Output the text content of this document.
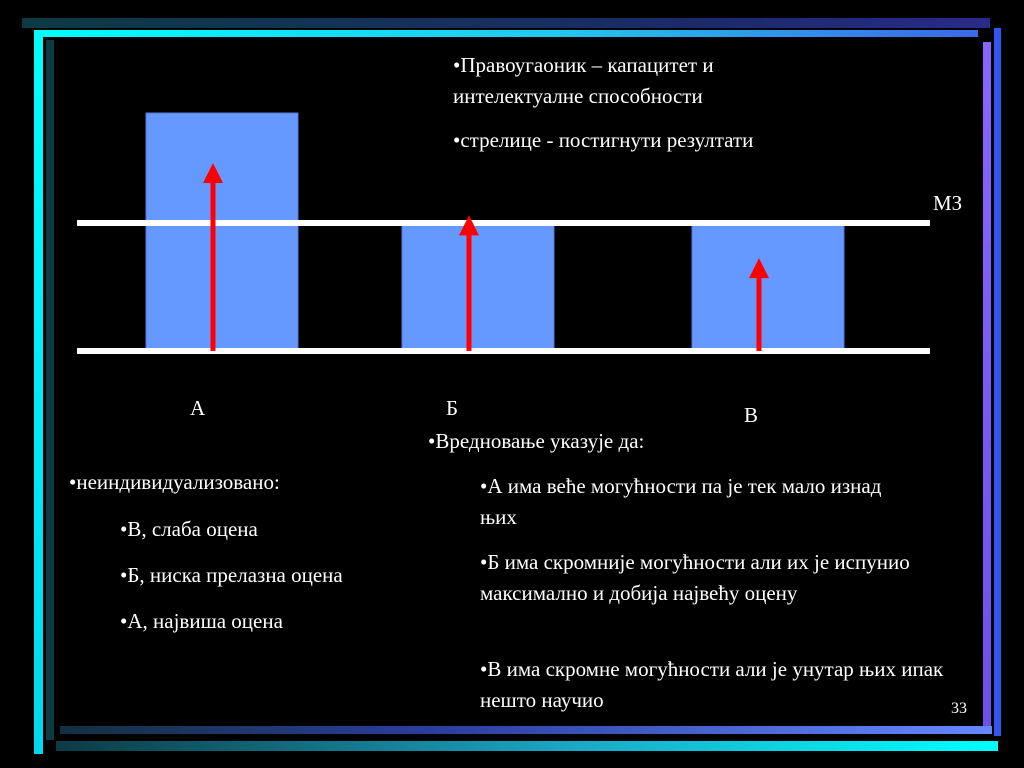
МЗ
А	Б	В
•Правоугаоник – капацитет и интелектуалне способности
•стрелице - постигнути резултати
•неиндивидуализовано:
•В, слаба оцена
•Б, ниска прелазна оцена
•А, највиша оцена
•Вредновање указује да:
•А има веће могућности па је тек мало изнад њих
•Б има скромније могућности али их је испунио максимално и добија највећу оцену
•В има скромне могућности али је унутар њих ипак нешто научио	33
